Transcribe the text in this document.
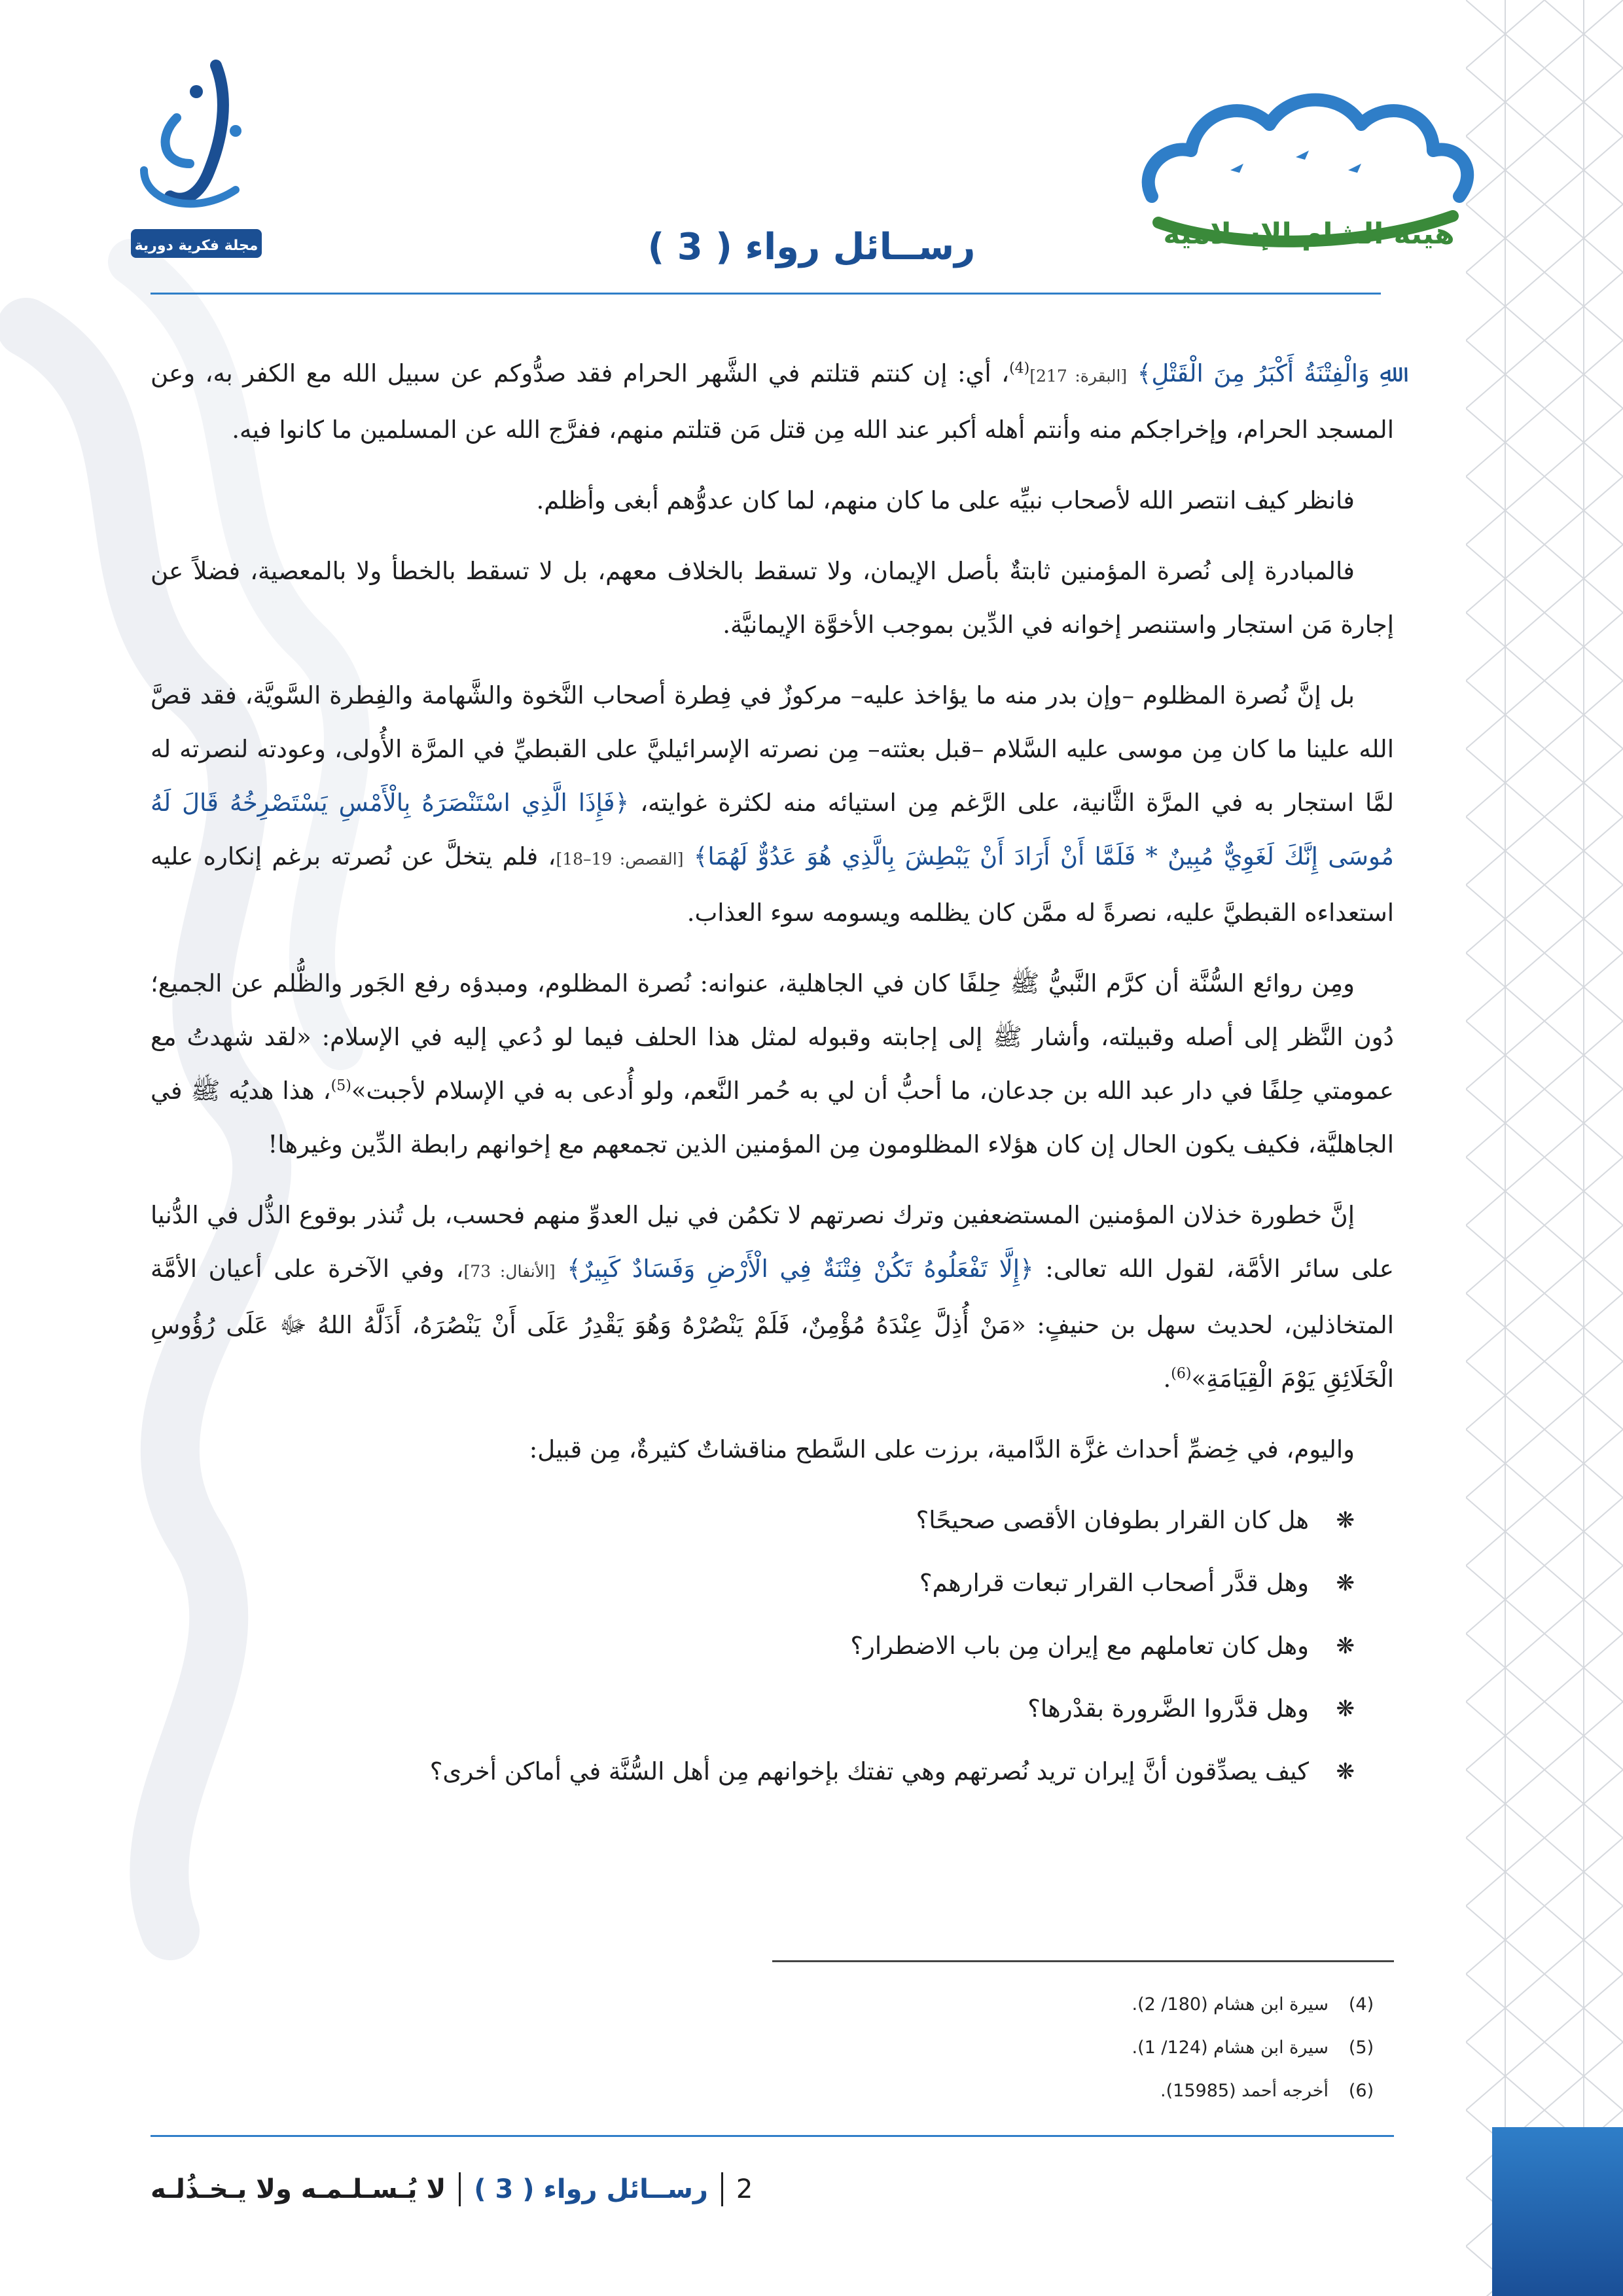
مجلة فكرية دورية	هيئة الشام الإسلامية
رســائل رواء ( 3 )

ﷲِ وَالْفِتْنَةُ أَكْبَرُ مِنَ الْقَتْلِ﴾ [البقرة: 217]$^{(4)}$، أي: إن كنتم قتلتم في الشَّهر الحرام فقد صدُّوكم عن سبيل الله مع الكفر به، وعن المسجد الحرام، وإخراجكم منه وأنتم أهله أكبر عند الله مِن قتل مَن قتلتم منهم، ففرَّج الله عن المسلمين ما كانوا فيه.

فانظر كيف انتصر الله لأصحاب نبيِّه على ما كان منهم، لما كان عدوُّهم أبغى وأظلم.

فالمبادرة إلى نُصرة المؤمنين ثابتةٌ بأصل الإيمان، ولا تسقط بالخلاف معهم، بل لا تسقط بالخطأ ولا بالمعصية، فضلاً عن إجارة مَن استجار واستنصر إخوانه في الدِّين بموجب الأخوَّة الإيمانيَّة.

بل إنَّ نُصرة المظلوم –وإن بدر منه ما يؤاخذ عليه– مركوزٌ في فِطرة أصحاب النَّخوة والشَّهامة والفِطرة السَّويَّة، فقد قصَّ الله علينا ما كان مِن موسى عليه السَّلام –قبل بعثته– مِن نصرته الإسرائيليَّ على القبطيِّ في المرَّة الأُولى، وعودته لنصرته له لمَّا استجار به في المرَّة الثَّانية، على الرَّغم مِن استيائه منه لكثرة غوايته، ﴿فَإِذَا الَّذِي اسْتَنْصَرَهُ بِالْأَمْسِ يَسْتَصْرِخُهُ قَالَ لَهُ مُوسَى إِنَّكَ لَغَوِيٌّ مُبِينٌ * فَلَمَّا أَنْ أَرَادَ أَنْ يَبْطِشَ بِالَّذِي هُوَ عَدُوٌّ لَهُمَا﴾ [القصص: 19–18]، فلم يتخلَّ عن نُصرته برغم إنكاره عليه استعداءه القبطيَّ عليه، نصرةً له ممَّن كان يظلمه ويسومه سوء العذاب.

ومِن روائع السُّنَّة أن كرَّم النَّبيُّ ﷺ حِلفًا كان في الجاهلية، عنوانه: نُصرة المظلوم، ومبدؤه رفع الجَور والظُّلم عن الجميع؛ دُون النَّظر إلى أصله وقبيلته، وأشار ﷺ إلى إجابته وقبوله لمثل هذا الحلف فيما لو دُعي إليه في الإسلام: «لقد شهدتُ مع عمومتي حِلفًا في دار عبد الله بن جدعان، ما أحبُّ أن لي به حُمر النَّعم، ولو أُدعى به في الإسلام لأجبت»$^{(5)}$، هذا هديُه ﷺ في الجاهليَّة، فكيف يكون الحال إن كان هؤلاء المظلومون مِن المؤمنين الذين تجمعهم مع إخوانهم رابطة الدِّين وغيرها!

إنَّ خطورة خذلان المؤمنين المستضعفين وترك نصرتهم لا تكمُن في نيل العدوِّ منهم فحسب، بل تُنذر بوقوع الذُّل في الدُّنيا على سائر الأمَّة، لقول الله تعالى: ﴿إِلَّا تَفْعَلُوهُ تَكُنْ فِتْنَةٌ فِي الْأَرْضِ وَفَسَادٌ كَبِيرٌ﴾ [الأنفال: 73]، وفي الآخرة على أعيان الأمَّة المتخاذلين، لحديث سهل بن حنيفٍ: «مَنْ أُذِلَّ عِنْدَهُ مُؤْمِنٌ، فَلَمْ يَنْصُرْهُ وَهُوَ يَقْدِرُ عَلَى أَنْ يَنْصُرَهُ، أَذَلَّهُ اللهُ ﷻ عَلَى رُؤُوسِ الْخَلَائِقِ يَوْمَ الْقِيَامَةِ»$^{(6)}$.

واليوم، في خِضمِّ أحداث غزَّة الدَّامية، برزت على السَّطح مناقشاتٌ كثيرةٌ، مِن قبيل:

❋
هل كان القرار بطوفان الأقصى صحيحًا؟
❋
وهل قدَّر أصحاب القرار تبعات قرارهم؟
❋
وهل كان تعاملهم مع إيران مِن باب الاضطرار؟
❋
وهل قدَّروا الضَّرورة بقدْرها؟
❋
كيف يصدِّقون أنَّ إيران تريد نُصرتهم وهي تفتك بإخوانهم مِن أهل السُّنَّة في أماكن أخرى؟
(4)
سيرة ابن هشام (180/ 2).
(5)
سيرة ابن هشام (124/ 1).
(6)
أخرجه أحمد (15985).
لا يُـسـلـمـه ولا يـخـذُلـه رســائل رواء ( 3 ) 2
